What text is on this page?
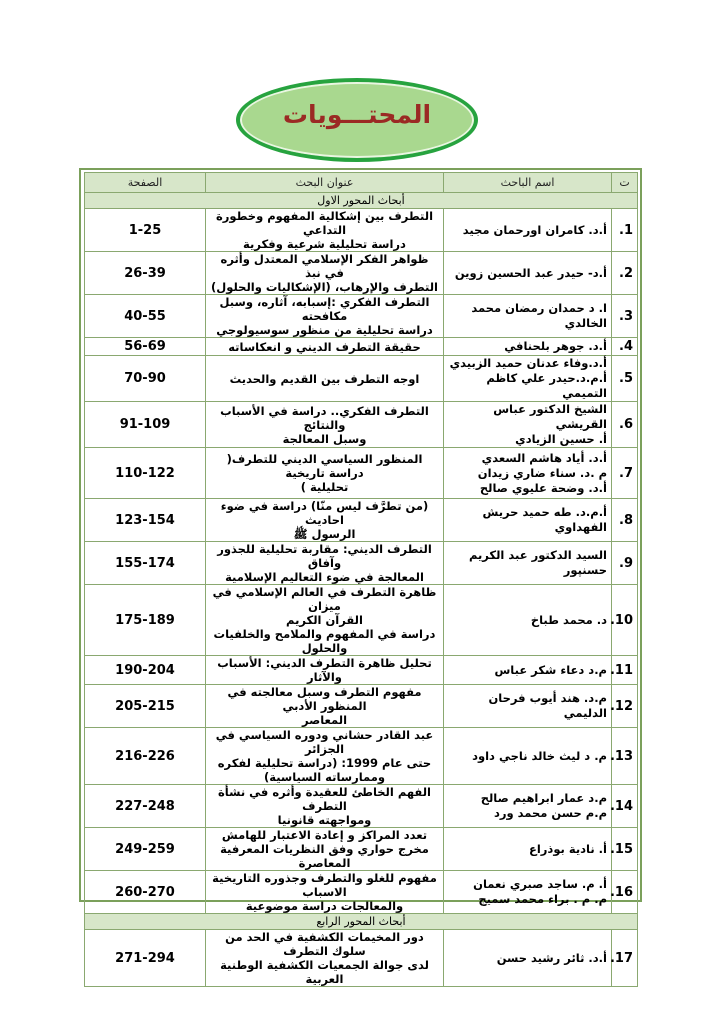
المحتـــويات
ت	اسم الباحث	عنوان البحث	الصفحة
أبحاث المحور الاول			
1.	أ.د. كامران اورحمان مجيد	التطرف بين إشكالية المفهوم وخطورة التداعي
دراسة تحليلية شرعية وفكرية	1-25
2.	أ.د- حيدر عبد الحسين زوين	ظواهر الفكر الإسلامي المعتدل وأثره في نبذ
التطرف والإرهاب، (الإشكاليات والحلول)	26-39
3.	ا. د حمدان رمضان محمد الخالدي	التطرف الفكري :إسبابه، آثاره، وسبل مكافحته
دراسة تحليلية من منظور سوسيولوجي	40-55
4.	أ.د. جوهر بلحنافي	حقيقة التطرف الديني و انعكاساته	56-69
5.	أ.د.وفاء عدنان حميد الزبيدي
أ.م.د.حيدر علي كاظم التميمي	اوجه التطرف بين القديم والحديث	70-90
6.	الشيخ الدكتور عباس القريشي
أ. حسين الزيادي	التطرف الفكري.. دراسة في الأسباب والنتائج
وسبل المعالجة	91-109
7.	أ.د. أياد هاشم السعدي
م .د. سناء ضاري زيدان
أ.د. وضحة عليوي صالح	المنظور السياسي الديني للتطرف( دراسة تاريخية
تحليلية )	110-122
8.	أ.م.د. طه حميد حريش
الفهداوي	(من تطرَّف ليس منّا) دراسة في ضوء احاديث
الرسول ﷺ	123-154
9.	السيد الدكتور عبد الكريم
حسنپور	التطرف الديني: مقاربة تحليلية للجذور وآفاق
المعالجة في ضوء التعاليم الإسلامية	155-174
10.	د. محمد طباخ	ظاهرة التطرف في العالم الإسلامي في ميزان
القرآن الكريم
دراسة في المفهوم والملامح والخلفيات والحلول	175-189
11.	م.د دعاء شكر عباس	تحليل ظاهرة التطرف الديني: الأسباب والآثار	190-204
12.	م.د. هند أيوب فرحان الدليمي	مفهوم التطرف وسبل معالجته في المنظور الأدبي
المعاصر	205-215
13.	م. د ليث خالد ناجي داود	عبد القادر حشاني ودوره السياسي في الجزائر
حتى عام 1999: (دراسة تحليلية لفكره
وممارساته السياسية)	216-226
14.	م.د عمار ابراهيم صالح
م.م حسن محمد ورد	الفهم الخاطئ للعقيدة وأثره في نشأة التطرف
ومواجهته قانونيا	227-248
15.	أ. نادية بوذراع	تعدد المراكز و إعادة الاعتبار للهامش
مخرج حواري وفق النظريات المعرفية المعاصرة	249-259
16.	أ. م. ساجد صبري نعمان
م. م . براء محمد سميج	مفهوم للغلو والتطرف وجذوره التاريخية الاسباب
والمعالجات دراسة موضوعية	260-270
أبحاث المحور الرابع			
17.	أ.د. ثائر رشيد حسن	دور المخيمات الكشفية في الحد من سلوك التطرف
لدى جوالة الجمعيات الكشفية الوطنية العربية	271-294
